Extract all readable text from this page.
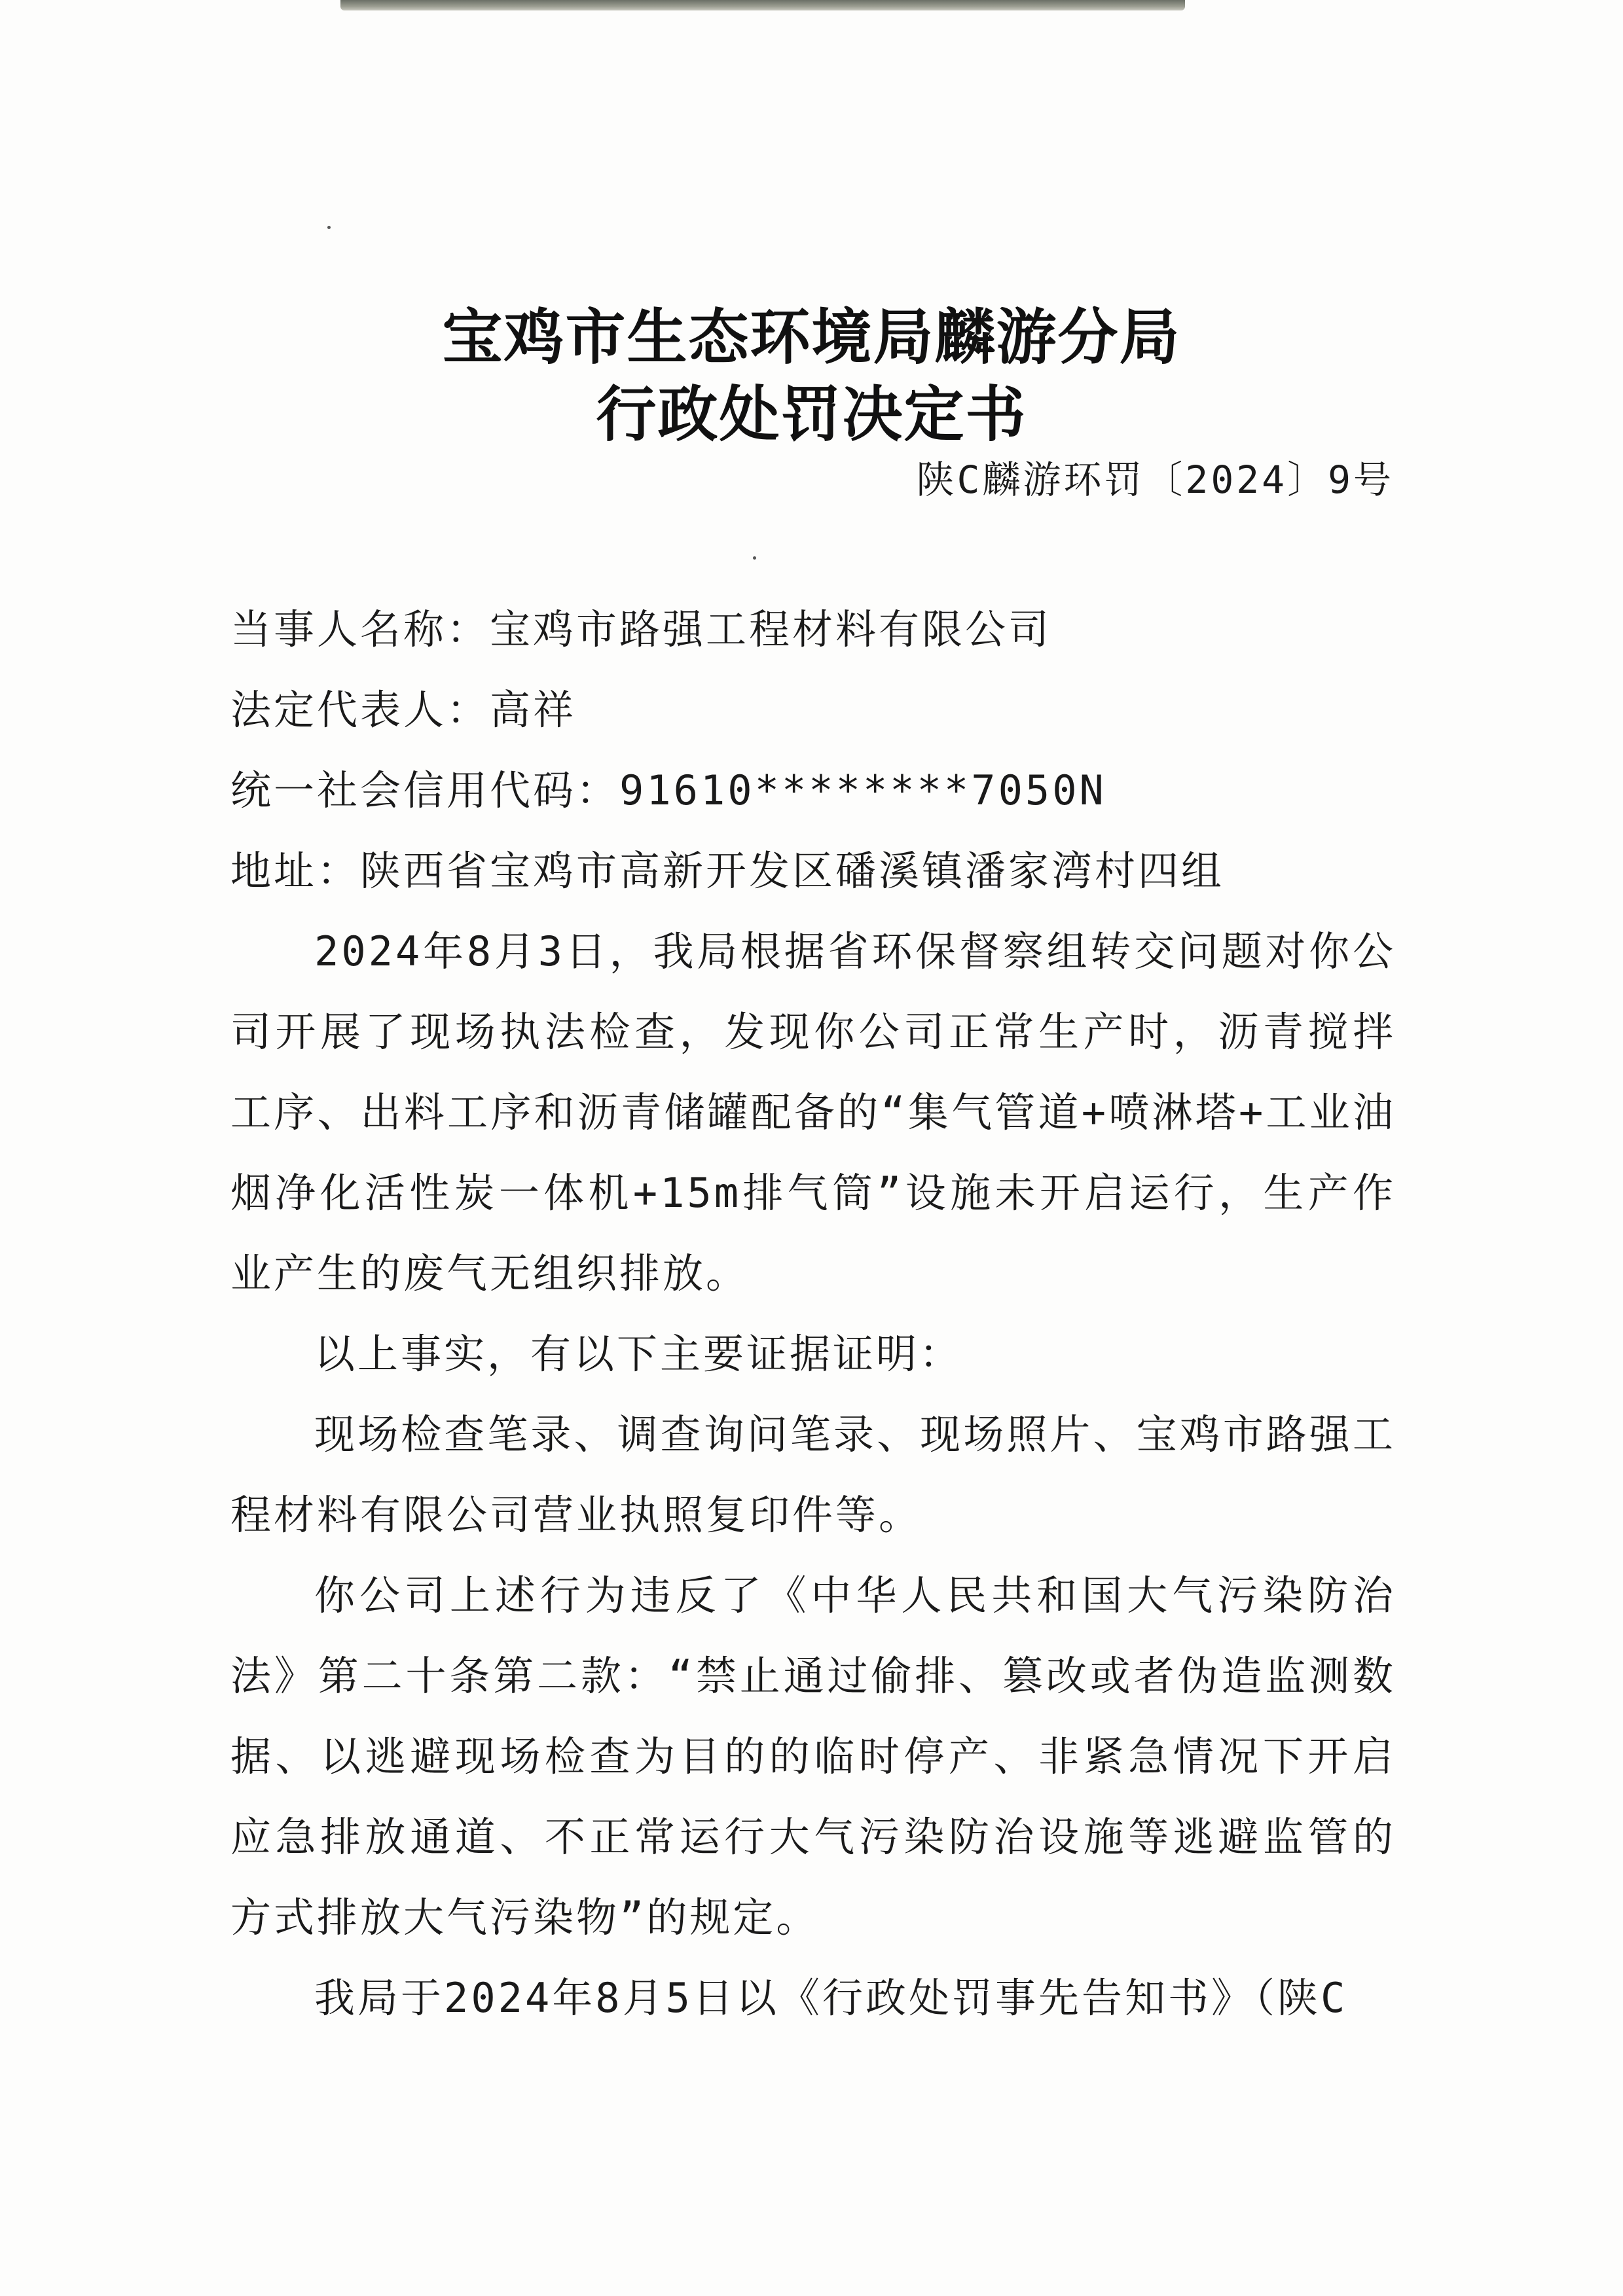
宝鸡市生态环境局麟游分局
行政处罚决定书
陕C麟游环罚〔2024〕9号
当事人名称：宝鸡市路强工程材料有限公司
法定代表人：高祥
统一社会信用代码：91610********7050N
地址：陕西省宝鸡市高新开发区磻溪镇潘家湾村四组

2024年8月3日，我局根据省环保督察组转交问题对你公司开展了现场执法检查，发现你公司正常生产时，沥青搅拌工序、出料工序和沥青储罐配备的“集气管道+喷淋塔+工业油烟净化活性炭一体机+15m排气筒”设施未开启运行，生产作业产生的废气无组织排放。

以上事实，有以下主要证据证明：

现场检查笔录、调查询问笔录、现场照片、宝鸡市路强工程材料有限公司营业执照复印件等。

你公司上述行为违反了《中华人民共和国大气污染防治法》第二十条第二款：“禁止通过偷排、篡改或者伪造监测数据、以逃避现场检查为目的的临时停产、非紧急情况下开启应急排放通道、不正常运行大气污染防治设施等逃避监管的方式排放大气污染物”的规定。

我局于2024年8月5日以《行政处罚事先告知书》（陕C
